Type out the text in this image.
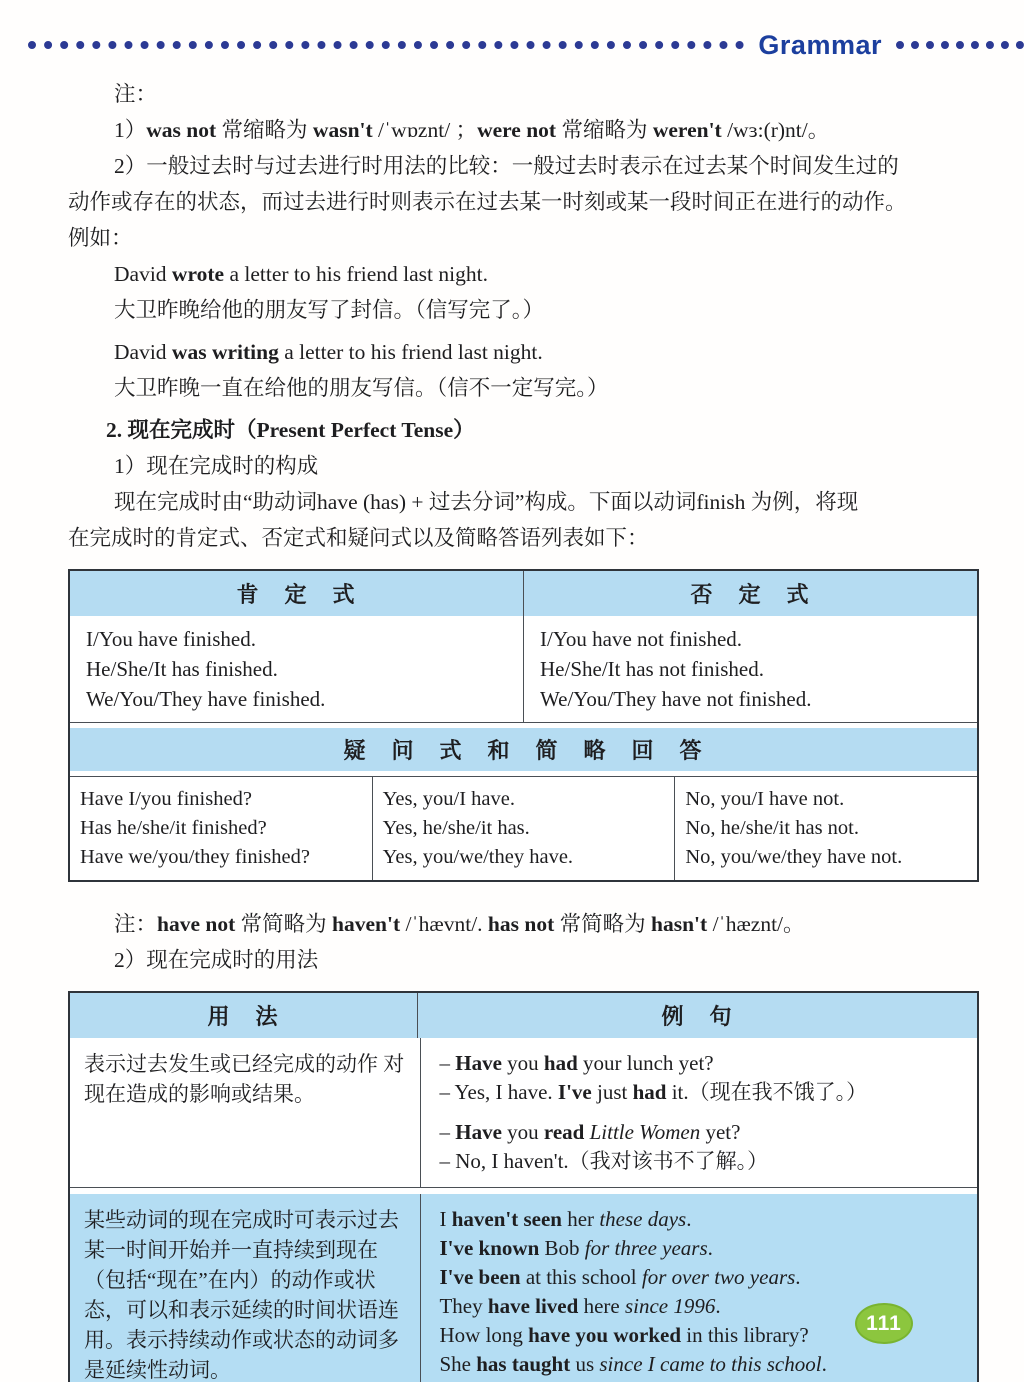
Grammar
注：
1）was not 常缩略为 wasn't /ˈwɒznt/ ；were not 常缩略为 weren't /wɜ:(r)nt/。
2）一般过去时与过去进行时用法的比较：一般过去时表示在过去某个时间发生过的
动作或存在的状态，而过去进行时则表示在过去某一时刻或某一段时间正在进行的动作。
例如：
David wrote a letter to his friend last night.
大卫昨晚给他的朋友写了封信。（信写完了。）
David was writing a letter to his friend last night.
大卫昨晚一直在给他的朋友写信。（信不一定写完。）
2. 现在完成时（Present Perfect Tense）
1）现在完成时的构成
现在完成时由“助动词have (has) + 过去分词”构成。下面以动词finish 为例，将现
在完成时的肯定式、否定式和疑问式以及简略答语列表如下：
肯　定　式	否　定　式
I/You have finished.
He/She/It has finished.
We/You/They have finished.
I/You have not finished.
He/She/It has not finished.
We/You/They have not finished.
疑　问　式　和　简　略　回　答
Have I/you finished?
Has he/she/it finished?
Have we/you/they finished?
Yes, you/I have.
Yes, he/she/it has.
Yes, you/we/they have.
No, you/I have not.
No, he/she/it has not.
No, you/we/they have not.
注：have not 常简略为 haven't /ˈhævnt/. has not 常简略为 hasn't /ˈhæznt/。
2）现在完成时的用法
用　法	例　句
表示过去发生或已经完成的动作 对现在造成的影响或结果。
– Have you had your lunch yet?
– Yes, I have. I've just had it.（现在我不饿了。）
– Have you read Little Women yet?
– No, I haven't.（我对该书不了解。）
某些动词的现在完成时可表示过去某一时间开始并一直持续到现在（包括“现在”在内）的动作或状态，可以和表示延续的时间状语连用。表示持续动作或状态的动词多是延续性动词。
I haven't seen her these days.
I've known Bob for three years.
I've been at this school for over two years.
They have lived here since 1996.
How long have you worked in this library?
She has taught us since I came to this school.
111
